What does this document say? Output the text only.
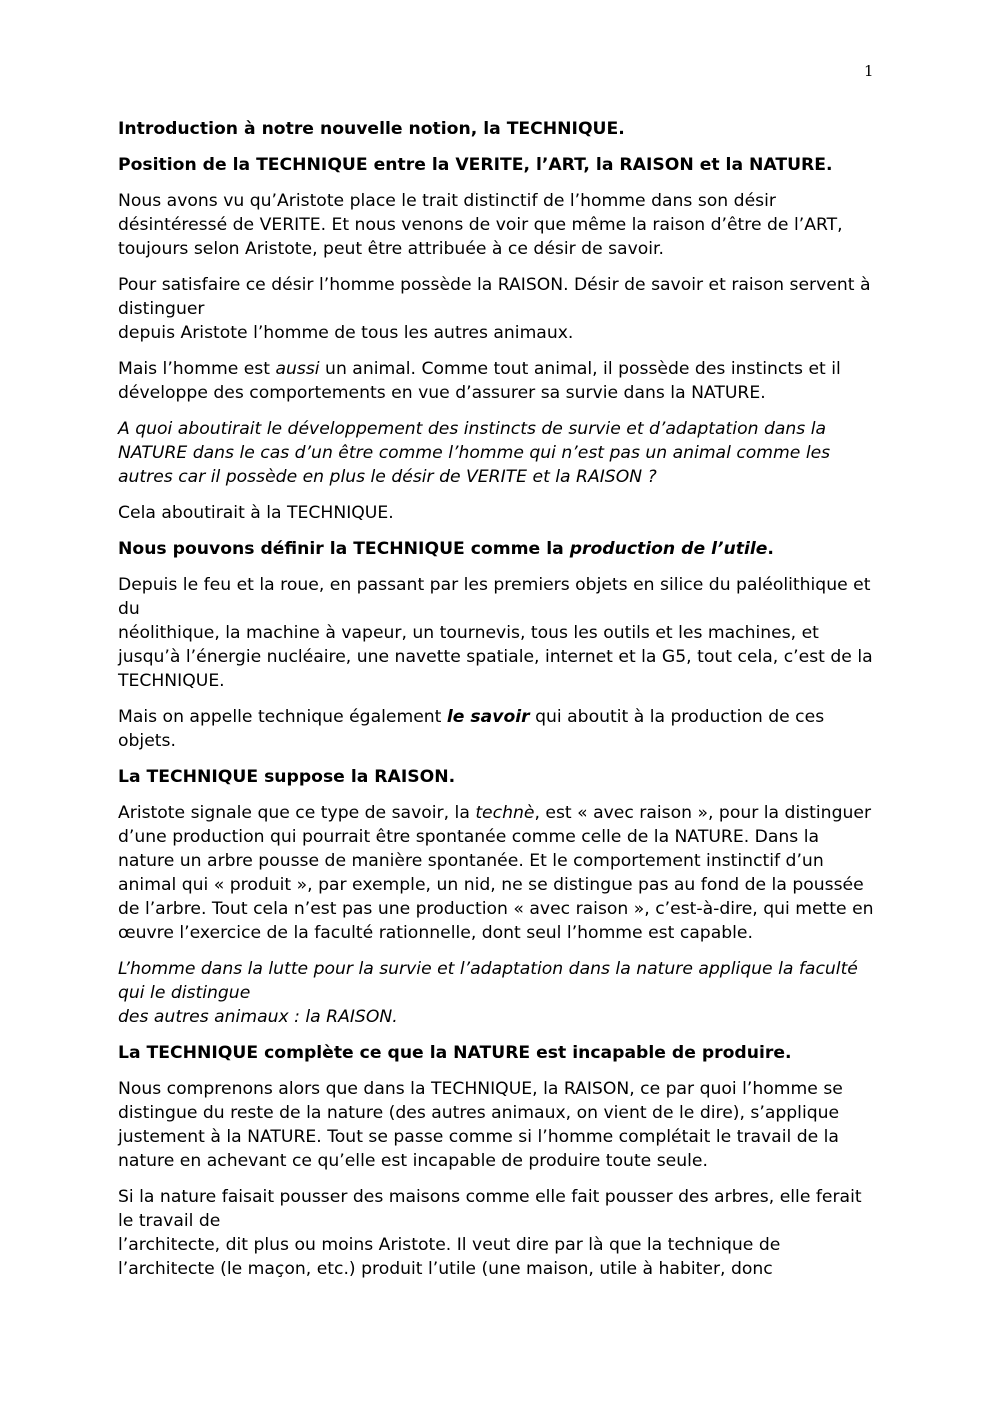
1

Introduction à notre nouvelle notion, la TECHNIQUE.

Position de la TECHNIQUE entre la VERITE, l’ART, la RAISON et la NATURE.

Nous avons vu qu’Aristote place le trait distinctif de l’homme dans son désir désintéressé de VERITE. Et nous venons de voir que même la raison d’être de l’ART, toujours selon Aristote, peut être attribuée à ce désir de savoir.

Pour satisfaire ce désir l’homme possède la RAISON. Désir de savoir et raison servent à distinguer
depuis Aristote l’homme de tous les autres animaux.

Mais l’homme est aussi un animal. Comme tout animal, il possède des instincts et il développe des comportements en vue d’assurer sa survie dans la NATURE.

A quoi aboutirait le développement des instincts de survie et d’adaptation dans la NATURE dans le cas d’un être comme l’homme qui n’est pas un animal comme les autres car il possède en plus le désir de VERITE et la RAISON ?

Cela aboutirait à la TECHNIQUE.

Nous pouvons définir la TECHNIQUE comme la production de l’utile.

Depuis le feu et la roue, en passant par les premiers objets en silice du paléolithique et du
néolithique, la machine à vapeur, un tournevis, tous les outils et les machines, et jusqu’à l’énergie nucléaire, une navette spatiale, internet et la G5, tout cela, c’est de la TECHNIQUE.

Mais on appelle technique également le savoir qui aboutit à la production de ces objets.

La TECHNIQUE suppose la RAISON.

Aristote signale que ce type de savoir, la technè, est « avec raison », pour la distinguer d’une production qui pourrait être spontanée comme celle de la NATURE. Dans la nature un arbre pousse de manière spontanée. Et le comportement instinctif d’un animal qui « produit », par exemple, un nid, ne se distingue pas au fond de la poussée de l’arbre. Tout cela n’est pas une production « avec raison », c’est-à-dire, qui mette en œuvre l’exercice de la faculté rationnelle, dont seul l’homme est capable.

L’homme dans la lutte pour la survie et l’adaptation dans la nature applique la faculté qui le distingue
des autres animaux : la RAISON.

La TECHNIQUE complète ce que la NATURE est incapable de produire.

Nous comprenons alors que dans la TECHNIQUE, la RAISON, ce par quoi l’homme se distingue du reste de la nature (des autres animaux, on vient de le dire), s’applique justement à la NATURE. Tout se passe comme si l’homme complétait le travail de la nature en achevant ce qu’elle est incapable de produire toute seule.

Si la nature faisait pousser des maisons comme elle fait pousser des arbres, elle ferait le travail de
l’architecte, dit plus ou moins Aristote. Il veut dire par là que la technique de l’architecte (le maçon, etc.) produit l’utile (une maison, utile à habiter, donc
